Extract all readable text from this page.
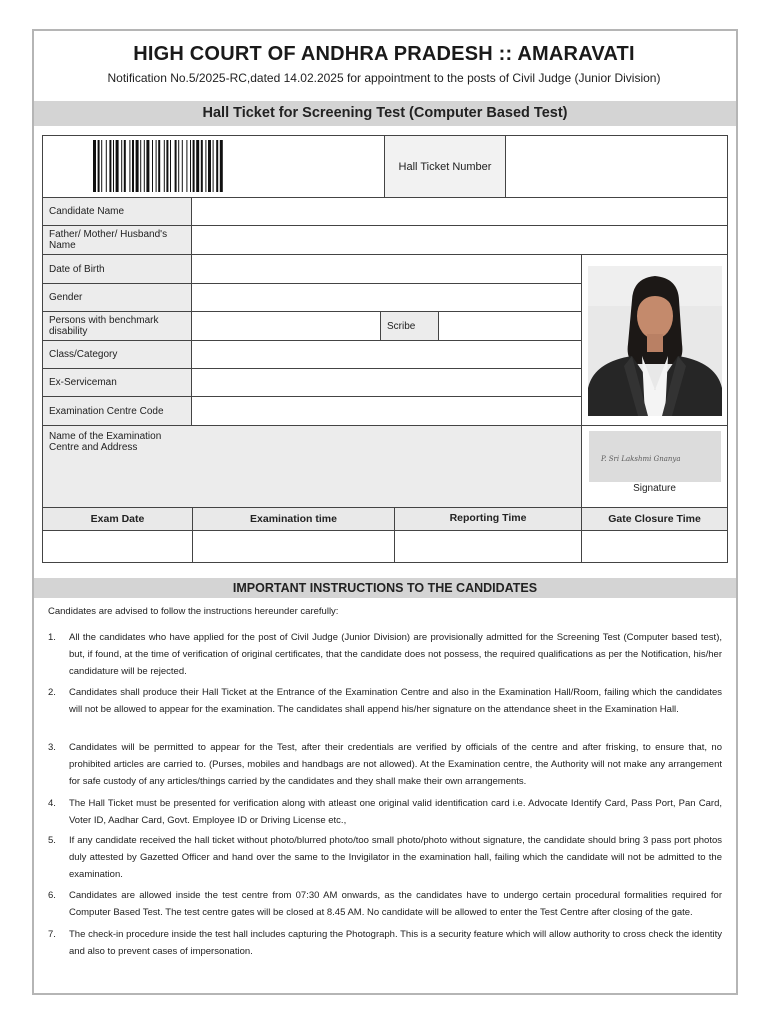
HIGH COURT OF ANDHRA PRADESH :: AMARAVATI
Notification No.5/2025-RC,dated 14.02.2025 for appointment to the posts of Civil Judge (Junior Division)
Hall Ticket for Screening Test (Computer Based Test)
Hall Ticket Number
Candidate Name
Father/ Mother/ Husband's Name
Date of Birth
Gender
Persons with benchmark disability	Scribe
Class/Category
Ex-Serviceman
Examination Centre Code
P. Sri Lakshmi Gnanya
Signature
Name of the Examination Centre and Address
Exam Date	Examination time	Reporting Time	Gate Closure Time
IMPORTANT INSTRUCTIONS TO THE CANDIDATES
Candidates are advised to follow the instructions hereunder carefully:
1.	All the candidates who have applied for the post of Civil Judge (Junior Division) are provisionally admitted for the Screening Test (Computer based test), but, if found, at the time of verification of original certificates, that the candidate does not possess, the required qualifications as per the Notification, his/her candidature will be rejected.
2.	Candidates shall produce their Hall Ticket at the Entrance of the Examination Centre and also in the Examination Hall/Room, failing which the candidates will not be allowed to appear for the examination. The candidates shall append his/her signature on the attendance sheet in the Examination Hall.
3.	Candidates will be permitted to appear for the Test, after their credentials are verified by officials of the centre and after frisking, to ensure that, no prohibited articles are carried to. (Purses, mobiles and handbags are not allowed). At the Examination centre, the Authority will not make any arrangement for safe custody of any articles/things carried by the candidates and they shall make their own arrangements.
4.	The Hall Ticket must be presented for verification along with atleast one original valid identification card i.e. Advocate Identify Card, Pass Port, Pan Card, Voter ID, Aadhar Card, Govt. Employee ID or Driving License etc.,
5.	If any candidate received the hall ticket without photo/blurred photo/too small photo/photo without signature, the candidate should bring 3 pass port photos duly attested by Gazetted Officer and hand over the same to the Invigilator in the examination hall, failing which the candidate will not be admitted to the examination.
6.	Candidates are allowed inside the test centre from 07:30 AM onwards, as the candidates have to undergo certain procedural formalities required for Computer Based Test. The test centre gates will be closed at 8.45 AM. No candidate will be allowed to enter the Test Centre after closing of the gate.
7.	The check-in procedure inside the test hall includes capturing the Photograph. This is a security feature which will allow authority to cross check the identity and also to prevent cases of impersonation.
